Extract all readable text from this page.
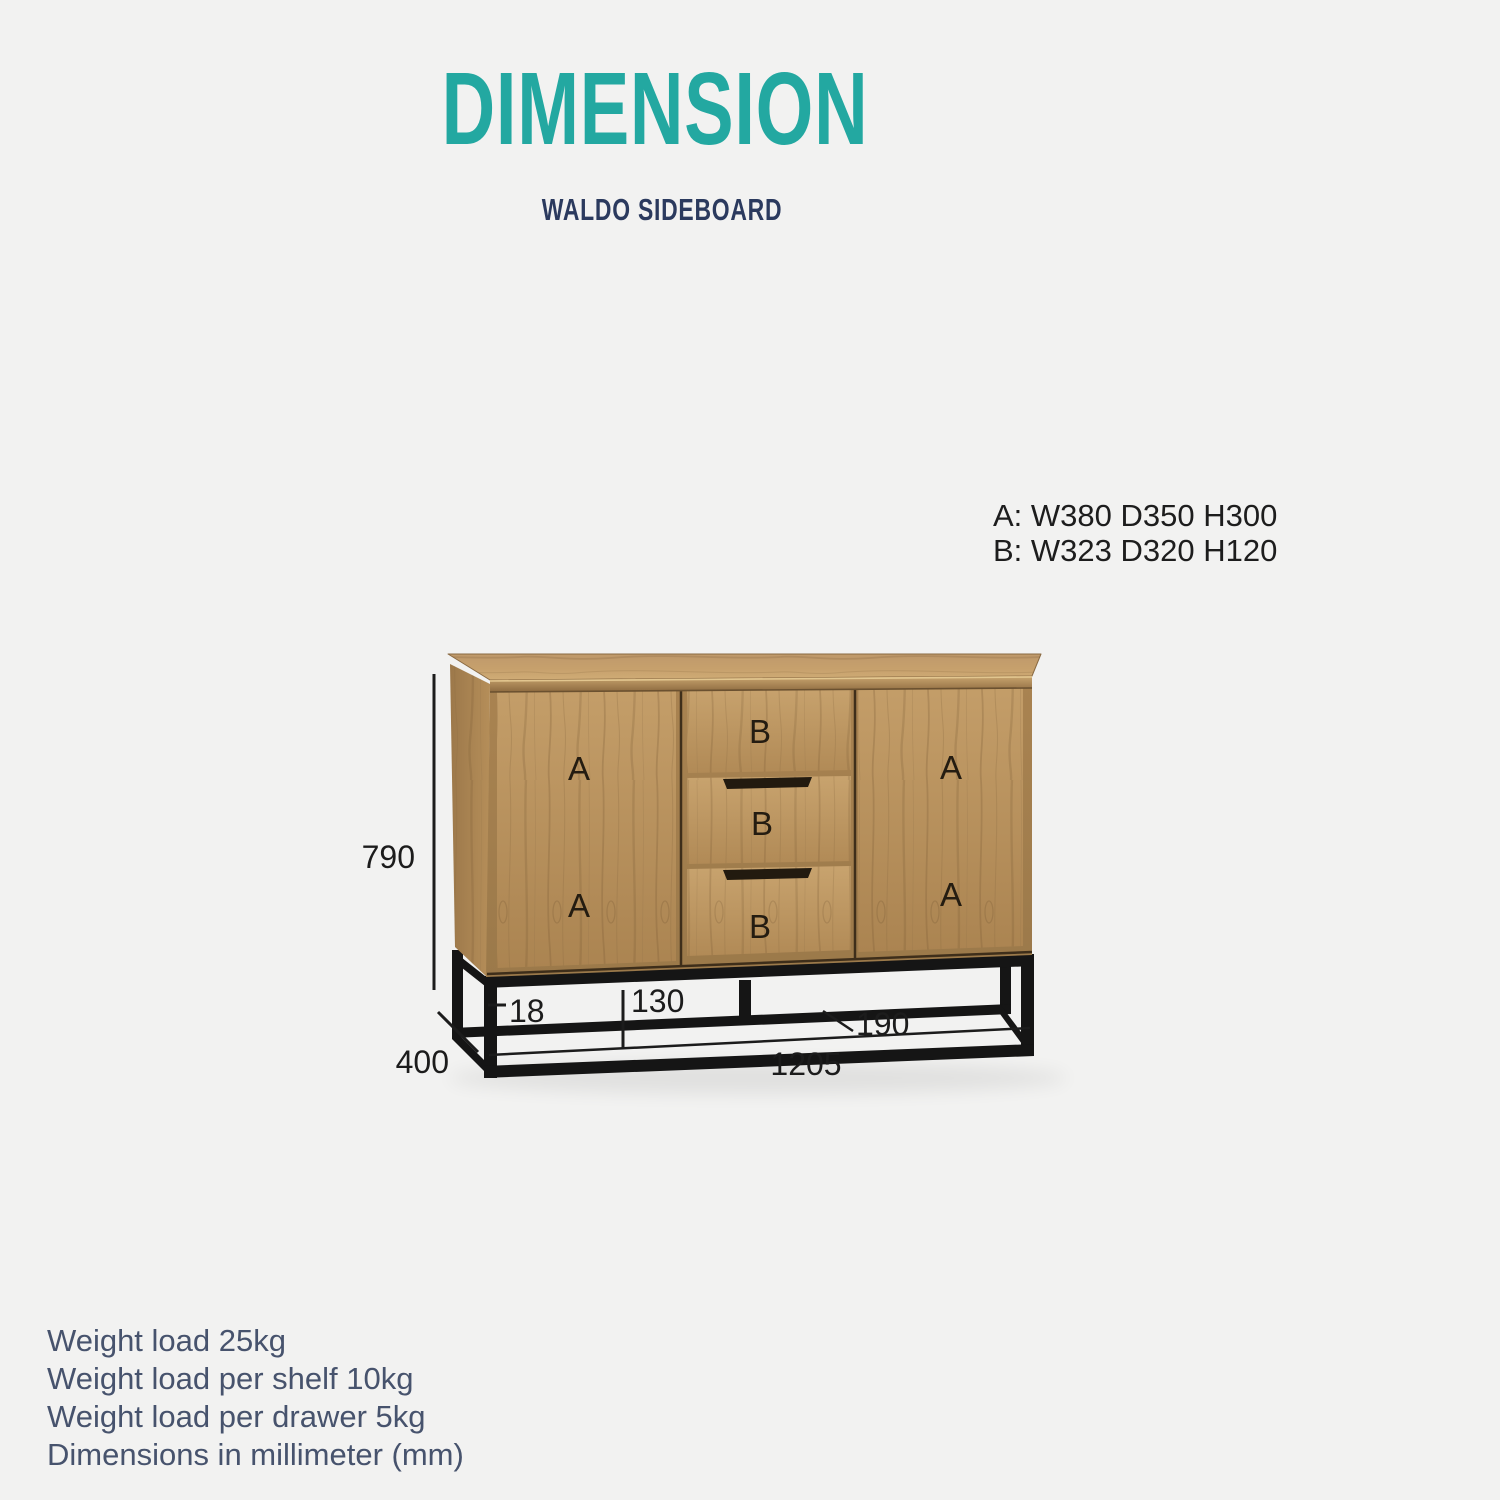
DIMENSION
WALDO SIDEBOARD
A: W380 D350 H300
B: W323 D320 H120
A
A
B
B
B
A
A
790
400	1205
18	130
190
Weight load 25kg
Weight load per shelf 10kg
Weight load per drawer 5kg
Dimensions in millimeter (mm)
